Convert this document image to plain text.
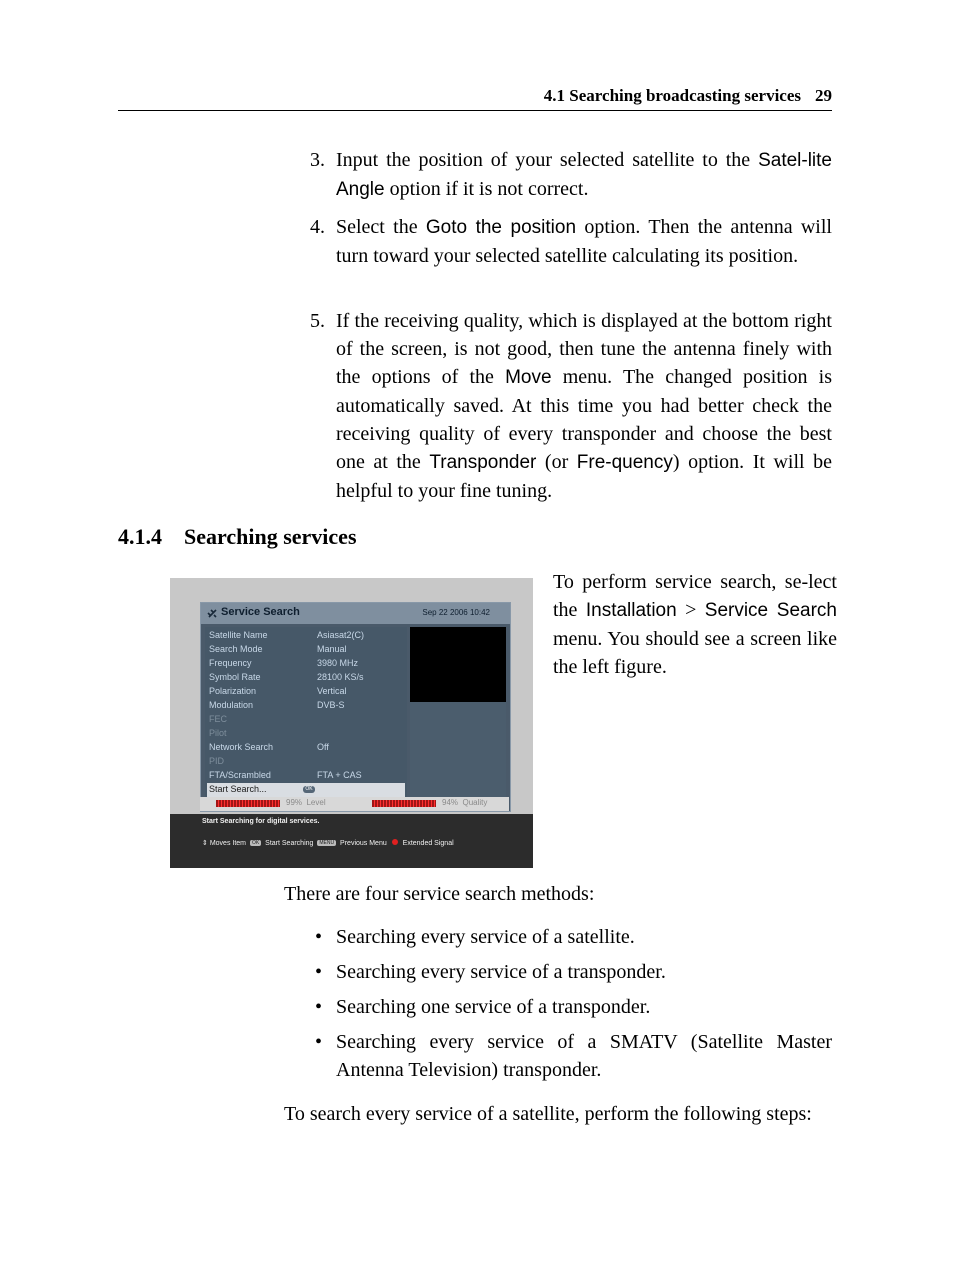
4.1 Searching broadcasting services 29
3. Input the position of your selected satellite to the Satel-lite Angle option if it is not correct.
4. Select the Goto the position option. Then the antenna will turn toward your selected satellite calculating its position.
5. If the receiving quality, which is displayed at the bottom right of the screen, is not good, then tune the antenna finely with the options of the Move menu. The changed position is automatically saved. At this time you had better check the receiving quality of every transponder and choose the best one at the Transponder (or Fre-quency) option. It will be helpful to your fine tuning.
4.1.4 Searching services
Service Search	Sep 22 2006 10:42
Satellite Name	Asiasat2(C)
Search Mode	Manual
Frequency	3980 MHz
Symbol Rate	28100 KS/s
Polarization	Vertical
Modulation	DVB-S
FEC
Pilot
Network Search	Off
PID
FTA/Scrambled	FTA + CAS
Start Search...	OK
99% Level	94% Quality
Start Searching for digital services.
⇕ Moves Item OK Start Searching MENU Previous Menu Extended Signal
To perform service search, se-lect the Installation > Service Search menu. You should see a screen like the left figure.
There are four service search methods:
• Searching every service of a satellite.
• Searching every service of a transponder.
• Searching one service of a transponder.
• Searching every service of a SMATV (Satellite Master Antenna Television) transponder.
To search every service of a satellite, perform the following steps:
